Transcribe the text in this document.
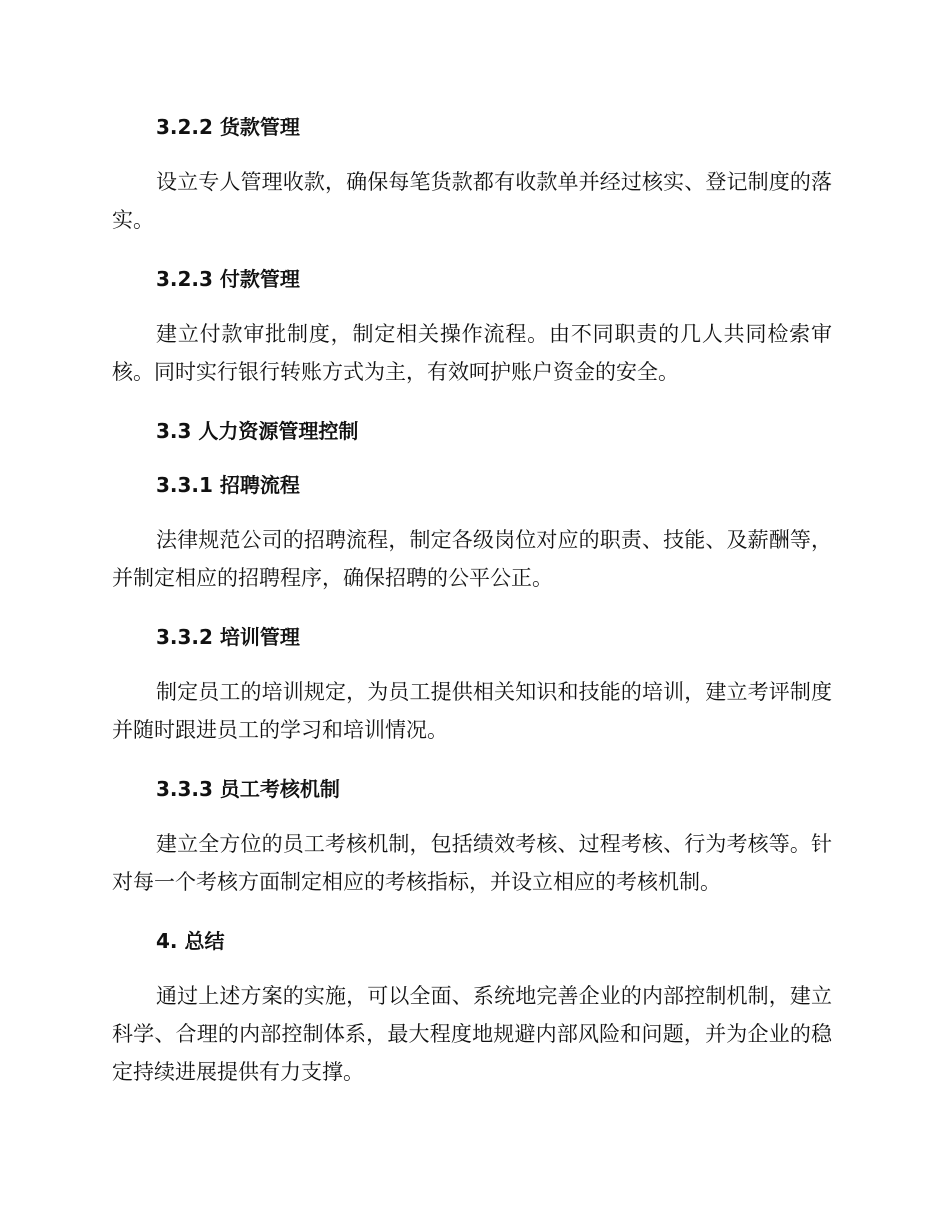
3.2.2 货款管理

设立专人管理收款，确保每笔货款都有收款单并经过核实、登记制度的落实。

3.2.3 付款管理

建立付款审批制度，制定相关操作流程。由不同职责的几人共同检索审核。同时实行银行转账方式为主，有效呵护账户资金的安全。

3.3 人力资源管理控制
3.3.1 招聘流程

法律规范公司的招聘流程，制定各级岗位对应的职责、技能、及薪酬等，并制定相应的招聘程序，确保招聘的公平公正。

3.3.2 培训管理

制定员工的培训规定，为员工提供相关知识和技能的培训，建立考评制度并随时跟进员工的学习和培训情况。

3.3.3 员工考核机制

建立全方位的员工考核机制，包括绩效考核、过程考核、行为考核等。针对每一个考核方面制定相应的考核指标，并设立相应的考核机制。

4. 总结

通过上述方案的实施，可以全面、系统地完善企业的内部控制机制，建立科学、合理的内部控制体系，最大程度地规避内部风险和问题，并为企业的稳定持续进展提供有力支撑。
